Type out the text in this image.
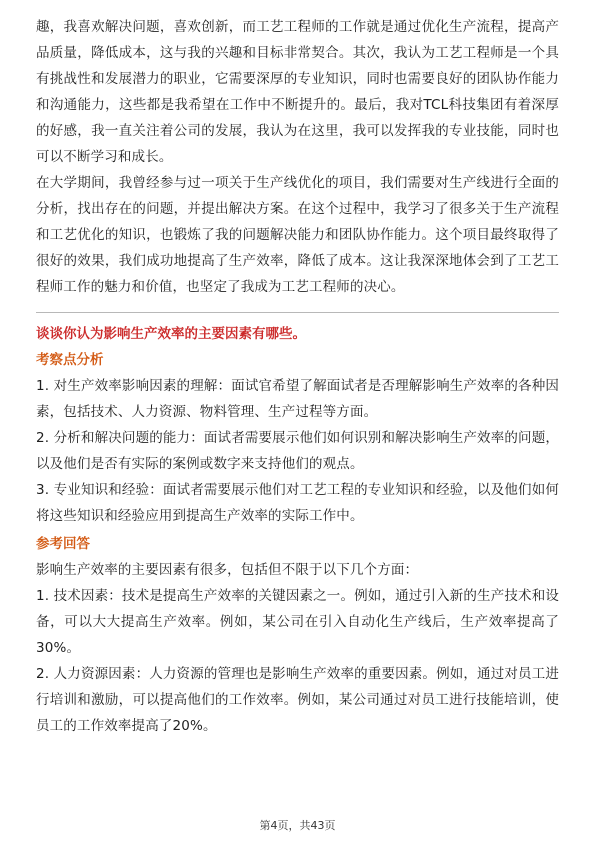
趣，我喜欢解决问题，喜欢创新，而工艺工程师的工作就是通过优化生产流程，提高产品质量，降低成本，这与我的兴趣和目标非常契合。其次，我认为工艺工程师是一个具有挑战性和发展潜力的职业，它需要深厚的专业知识，同时也需要良好的团队协作能力和沟通能力，这些都是我希望在工作中不断提升的。最后，我对TCL科技集团有着深厚的好感，我一直关注着公司的发展，我认为在这里，我可以发挥我的专业技能，同时也可以不断学习和成长。

在大学期间，我曾经参与过一项关于生产线优化的项目，我们需要对生产线进行全面的分析，找出存在的问题，并提出解决方案。在这个过程中，我学习了很多关于生产流程和工艺优化的知识，也锻炼了我的问题解决能力和团队协作能力。这个项目最终取得了很好的效果，我们成功地提高了生产效率，降低了成本。这让我深深地体会到了工艺工程师工作的魅力和价值，也坚定了我成为工艺工程师的决心。

谈谈你认为影响生产效率的主要因素有哪些。

考察点分析

1. 对生产效率影响因素的理解：面试官希望了解面试者是否理解影响生产效率的各种因素，包括技术、人力资源、物料管理、生产过程等方面。

2. 分析和解决问题的能力：面试者需要展示他们如何识别和解决影响生产效率的问题，以及他们是否有实际的案例或数字来支持他们的观点。

3. 专业知识和经验：面试者需要展示他们对工艺工程的专业知识和经验，以及他们如何将这些知识和经验应用到提高生产效率的实际工作中。

参考回答

影响生产效率的主要因素有很多，包括但不限于以下几个方面：

1. 技术因素：技术是提高生产效率的关键因素之一。例如，通过引入新的生产技术和设备，可以大大提高生产效率。例如，某公司在引入自动化生产线后，生产效率提高了30%。

2. 人力资源因素：人力资源的管理也是影响生产效率的重要因素。例如，通过对员工进行培训和激励，可以提高他们的工作效率。例如，某公司通过对员工进行技能培训，使员工的工作效率提高了20%。

第4页，共43页
